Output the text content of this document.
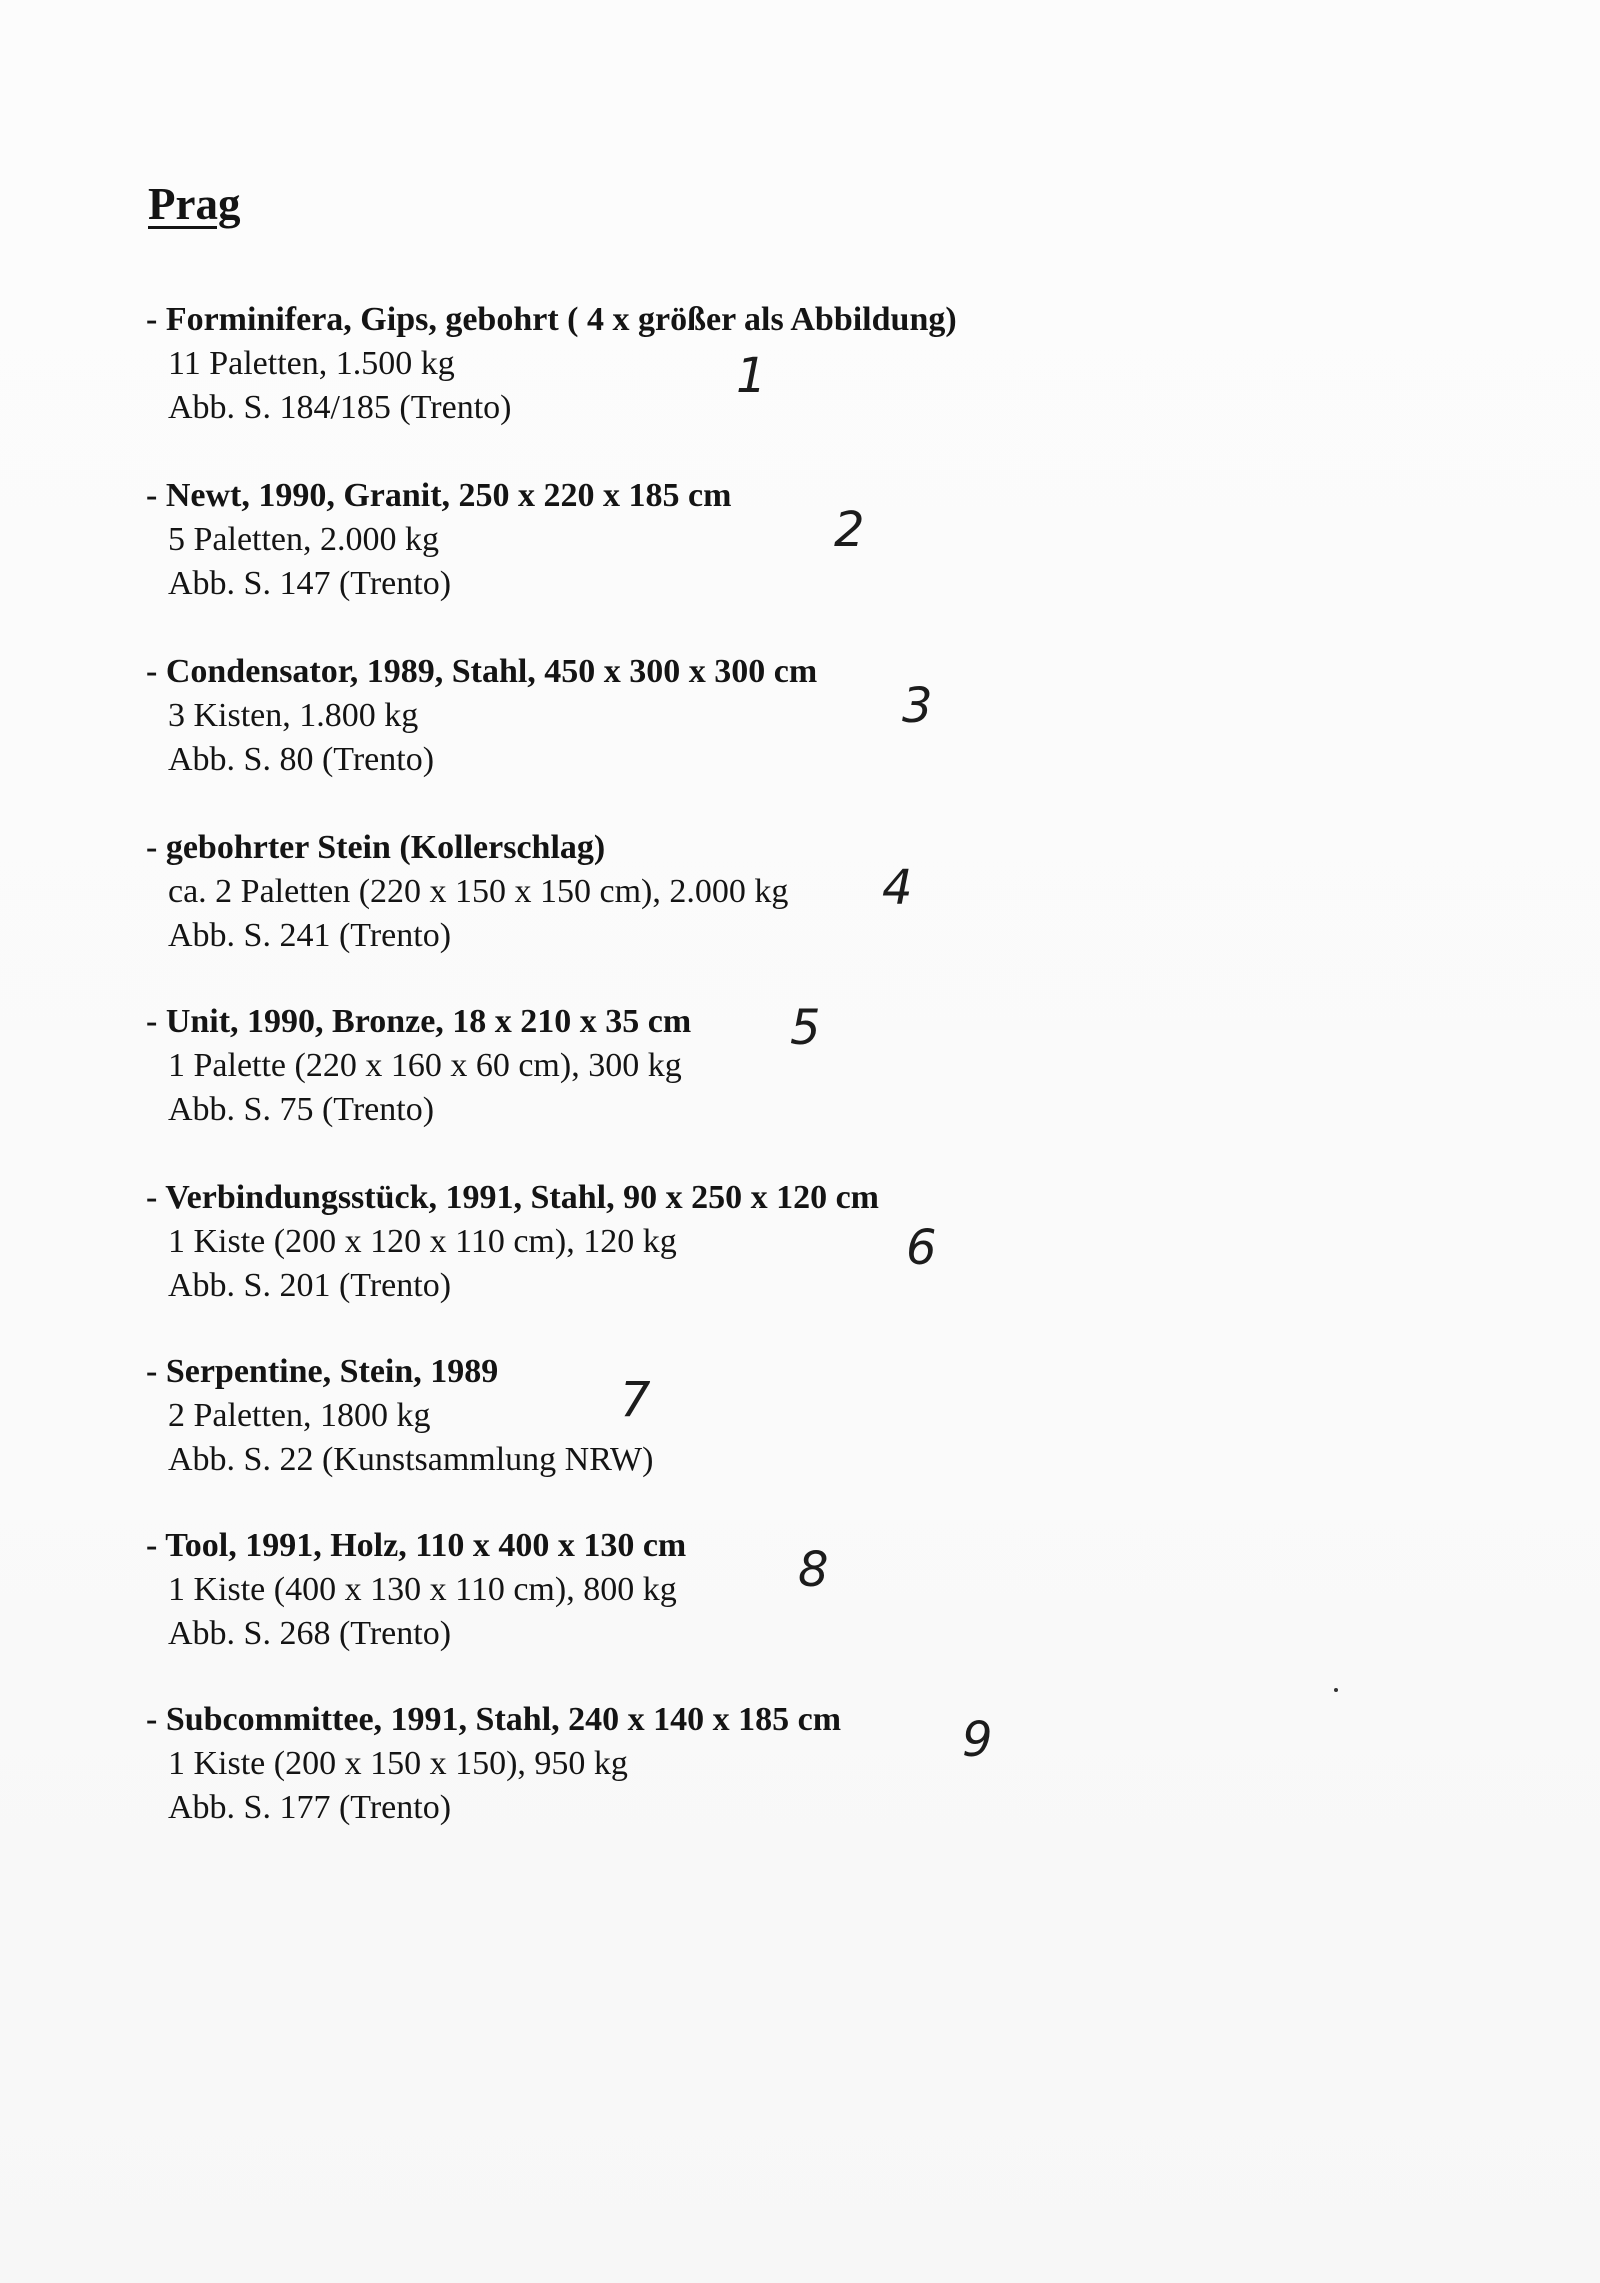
Prag
- Forminifera, Gips, gebohrt ( 4 x größer als Abbildung)
11 Paletten, 1.500 kg
Abb. S. 184/185 (Trento)
1
- Newt, 1990, Granit, 250 x 220 x 185 cm
5 Paletten, 2.000 kg
Abb. S. 147 (Trento)
2
- Condensator, 1989, Stahl, 450 x 300 x 300 cm
3 Kisten, 1.800 kg
Abb. S. 80 (Trento)
3
- gebohrter Stein (Kollerschlag)
ca. 2 Paletten (220 x 150 x 150 cm), 2.000 kg
Abb. S. 241 (Trento)
4
- Unit, 1990, Bronze, 18 x 210 x 35 cm
1 Palette (220 x 160 x 60 cm), 300 kg
Abb. S. 75 (Trento)
5
- Verbindungsstück, 1991, Stahl, 90 x 250 x 120 cm
1 Kiste (200 x 120 x 110 cm), 120 kg
Abb. S. 201 (Trento)
6
- Serpentine, Stein, 1989
2 Paletten, 1800 kg
Abb. S. 22 (Kunstsammlung NRW)
7
- Tool, 1991, Holz, 110 x 400 x 130 cm
1 Kiste (400 x 130 x 110 cm), 800 kg
Abb. S. 268 (Trento)
8
- Subcommittee, 1991, Stahl, 240 x 140 x 185 cm
1 Kiste (200 x 150 x 150), 950 kg
Abb. S. 177 (Trento)
9
